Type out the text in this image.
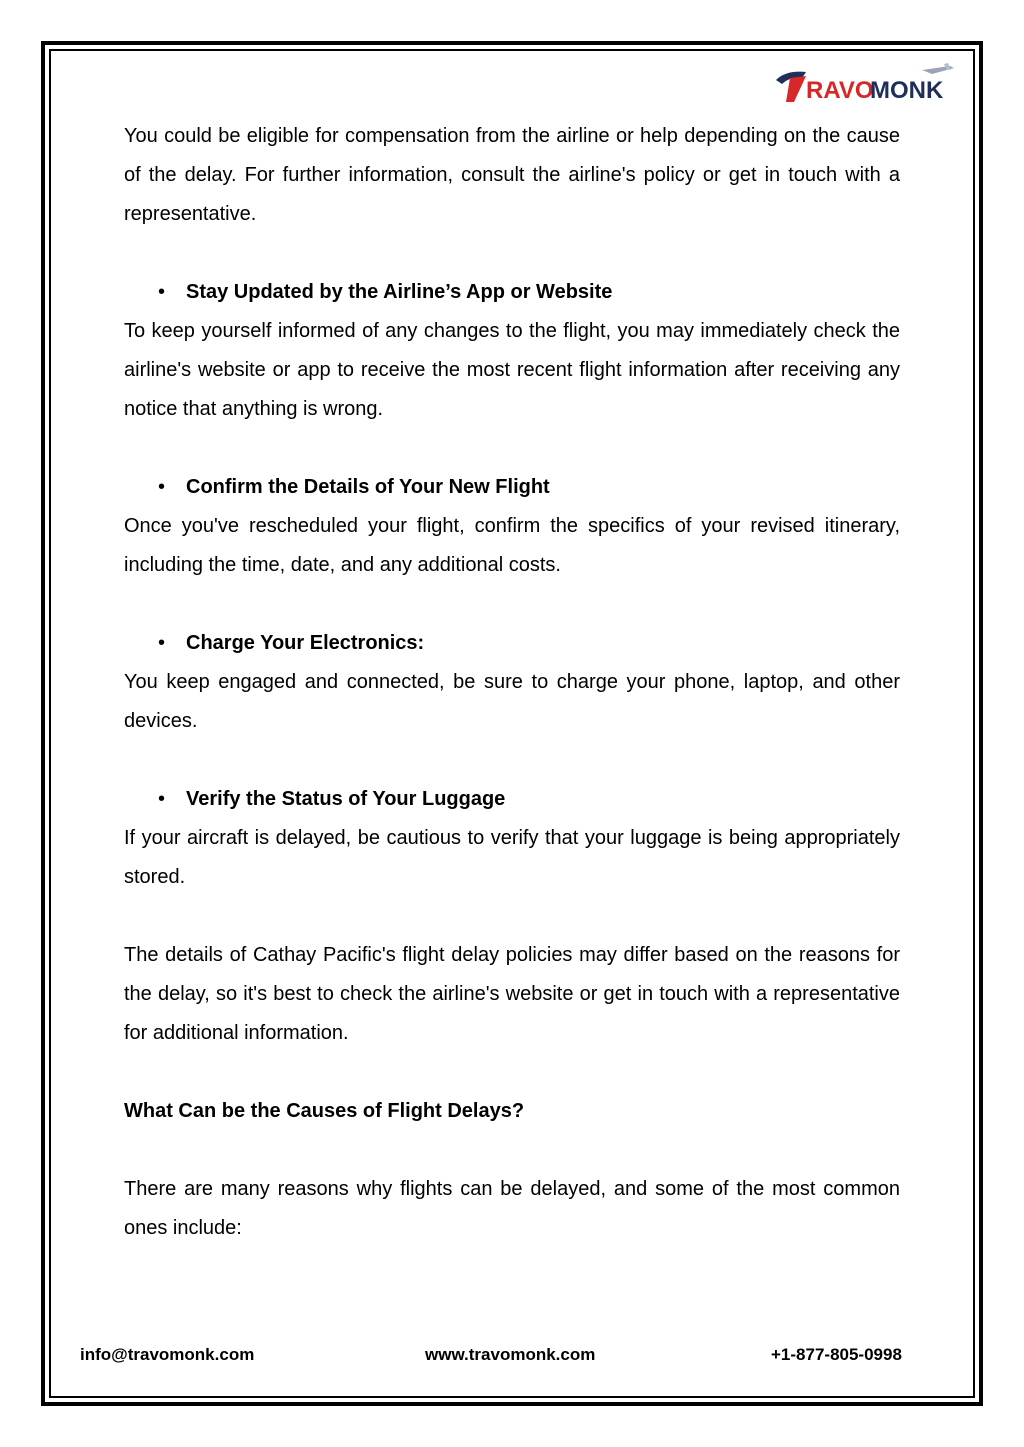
RAVO
MONK

You could be eligible for compensation from the airline or help depending on the cause of the delay. For further information, consult the airline's policy or get in touch with a representative.

• Stay Updated by the Airline’s App or Website

To keep yourself informed of any changes to the flight, you may immediately check the airline's website or app to receive the most recent flight information after receiving any notice that anything is wrong.

• Confirm the Details of Your New Flight

Once you've rescheduled your flight, confirm the specifics of your revised itinerary, including the time, date, and any additional costs.

• Charge Your Electronics:

You keep engaged and connected, be sure to charge your phone, laptop, and other devices.

• Verify the Status of Your Luggage

If your aircraft is delayed, be cautious to verify that your luggage is being appropriately stored.

The details of Cathay Pacific's flight delay policies may differ based on the reasons for the delay, so it's best to check the airline's website or get in touch with a representative for additional information.

What Can be the Causes of Flight Delays?

There are many reasons why flights can be delayed, and some of the most common ones include:

info@travomonk.com	www.travomonk.com	+1-877-805-0998
